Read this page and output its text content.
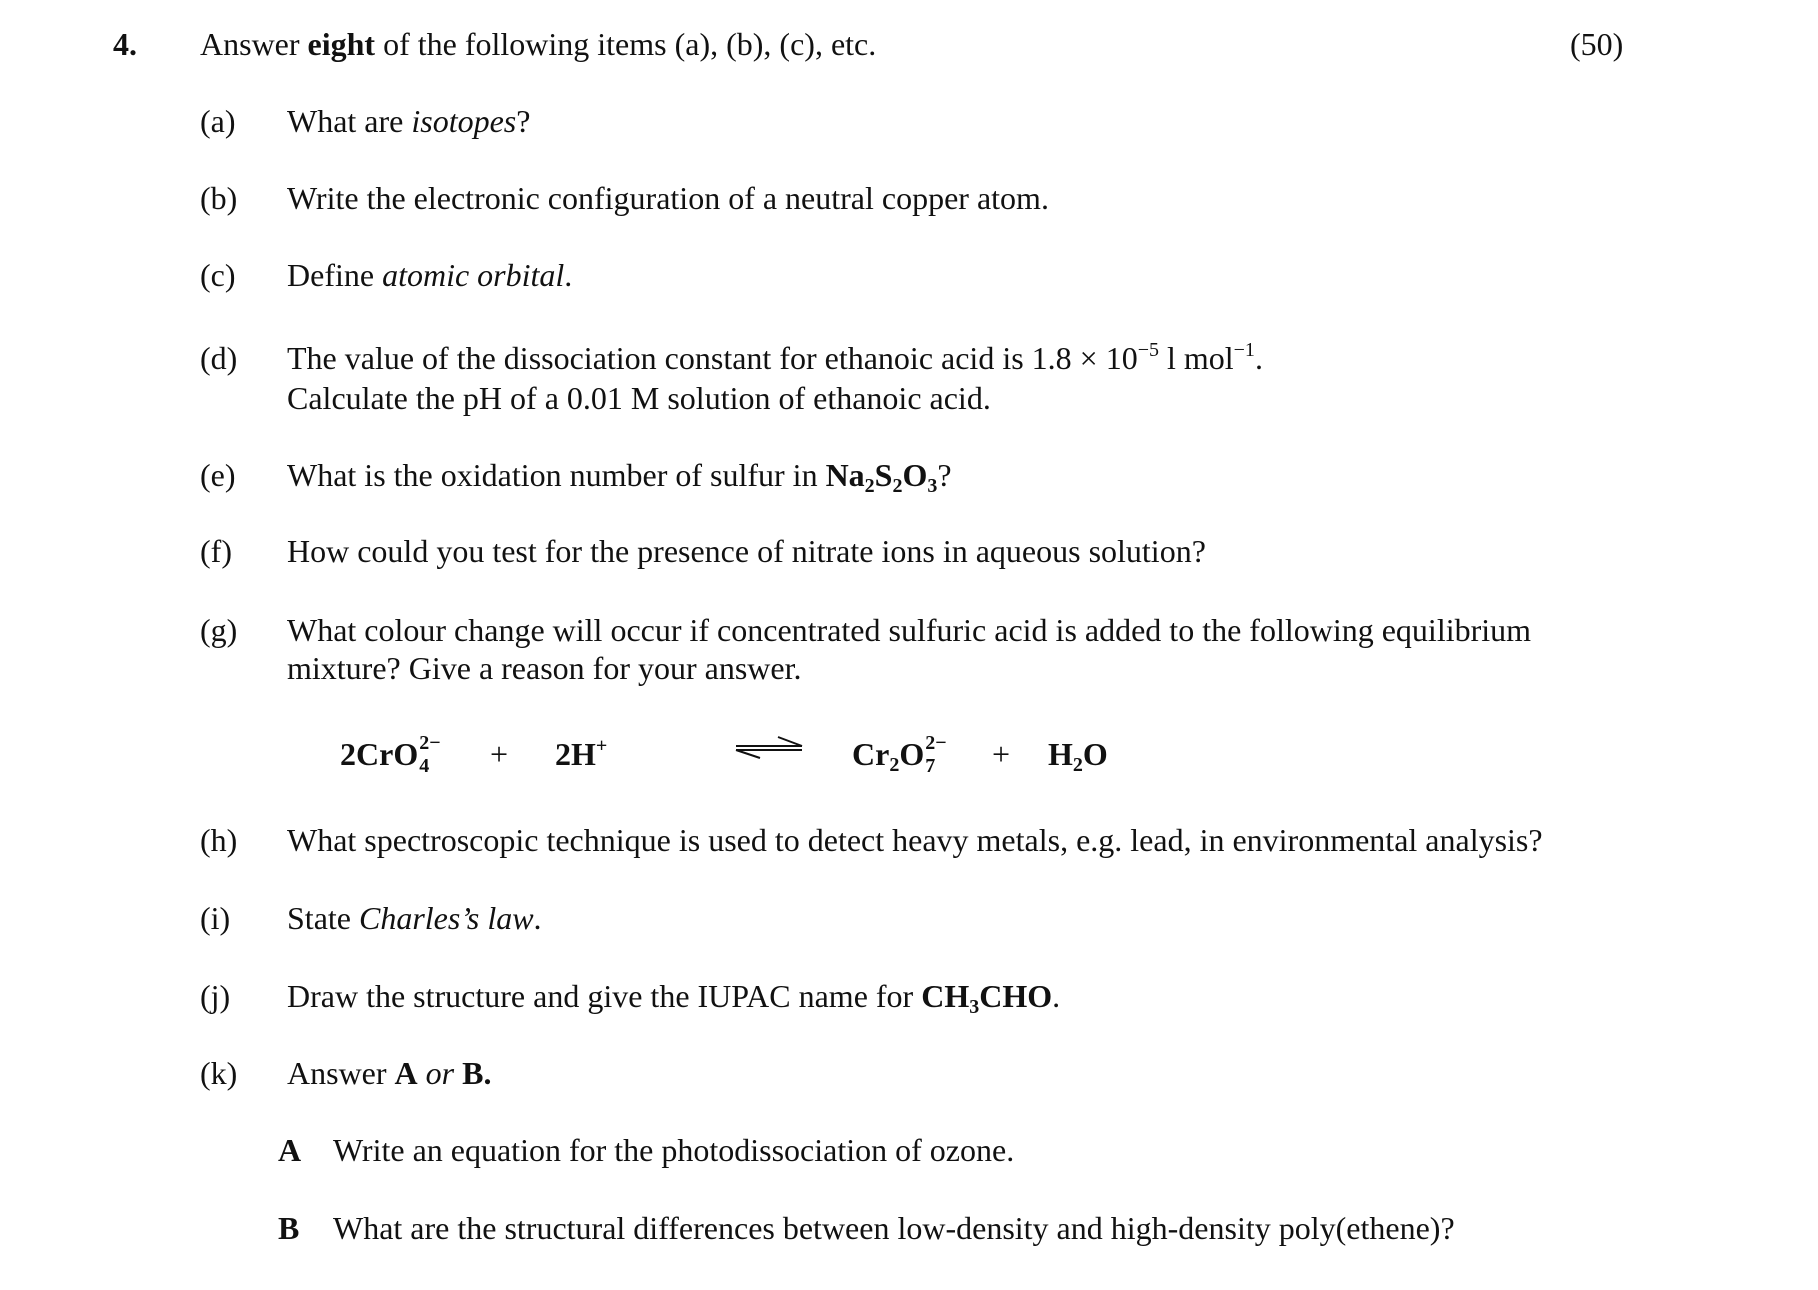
4. Answer eight of the following items (a), (b), (c), etc.	(50)
(a) What are isotopes?
(b) Write the electronic configuration of a neutral copper atom.
(c) Define atomic orbital.
(d) The value of the dissociation constant for ethanoic acid is $1.8 \times 10^{-5}$ l mol$^{-1}$.
Calculate the pH of a 0.01 M solution of ethanoic acid.
(e) What is the oxidation number of sulfur in $Na_2S_2O_3$?
(f) How could you test for the presence of nitrate ions in aqueous solution?
(g) What colour change will occur if concentrated sulfuric acid is added to the following equilibrium
mixture? Give a reason for your answer.
2CrO 2−
4 + 2H+	⇌ $Cr_2O$ 2−
$7 + H_2O$
(h) What spectroscopic technique is used to detect heavy metals, e.g. lead, in environmental analysis?
(i) State Charles’s law.
(j) Draw the structure and give the IUPAC name for $CH_3CHO$.
(k) Answer A or B.
A Write an equation for the photodissociation of ozone.
B What are the structural differences between low-density and high-density poly(ethene)?
